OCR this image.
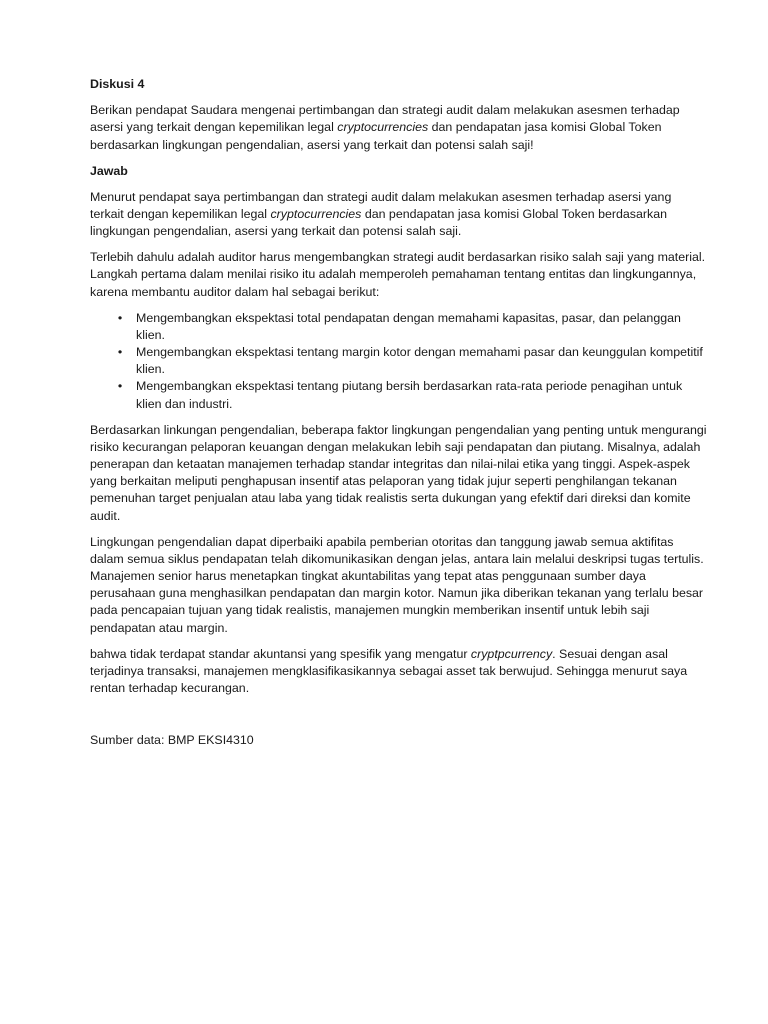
Diskusi 4

Berikan pendapat Saudara mengenai pertimbangan dan strategi audit dalam melakukan asesmen terhadap asersi yang terkait dengan kepemilikan legal cryptocurrencies dan pendapatan jasa komisi Global Token berdasarkan lingkungan pengendalian, asersi yang terkait dan potensi salah saji!

Jawab

Menurut pendapat saya pertimbangan dan strategi audit dalam melakukan asesmen terhadap asersi yang terkait dengan kepemilikan legal cryptocurrencies dan pendapatan jasa komisi Global Token berdasarkan lingkungan pengendalian, asersi yang terkait dan potensi salah saji.

Terlebih dahulu adalah auditor harus mengembangkan strategi audit berdasarkan risiko salah saji yang material. Langkah pertama dalam menilai risiko itu adalah memperoleh pemahaman tentang entitas dan lingkungannya, karena membantu auditor dalam hal sebagai berikut:

•	Mengembangkan ekspektasi total pendapatan dengan memahami kapasitas, pasar, dan pelanggan klien.
•	Mengembangkan ekspektasi tentang margin kotor dengan memahami pasar dan keunggulan kompetitif klien.
•	Mengembangkan ekspektasi tentang piutang bersih berdasarkan rata-rata periode penagihan untuk klien dan industri.

Berdasarkan linkungan pengendalian, beberapa faktor lingkungan pengendalian yang penting untuk mengurangi risiko kecurangan pelaporan keuangan dengan melakukan lebih saji pendapatan dan piutang. Misalnya, adalah penerapan dan ketaatan manajemen terhadap standar integritas dan nilai-nilai etika yang tinggi. Aspek-aspek yang berkaitan meliputi penghapusan insentif atas pelaporan yang tidak jujur seperti penghilangan tekanan pemenuhan target penjualan atau laba yang tidak realistis serta dukungan yang efektif dari direksi dan komite audit.

Lingkungan pengendalian dapat diperbaiki apabila pemberian otoritas dan tanggung jawab semua aktifitas dalam semua siklus pendapatan telah dikomunikasikan dengan jelas, antara lain melalui deskripsi tugas tertulis. Manajemen senior harus menetapkan tingkat akuntabilitas yang tepat atas penggunaan sumber daya perusahaan guna menghasilkan pendapatan dan margin kotor. Namun jika diberikan tekanan yang terlalu besar pada pencapaian tujuan yang tidak realistis, manajemen mungkin memberikan insentif untuk lebih saji pendapatan atau margin.

bahwa tidak terdapat standar akuntansi yang spesifik yang mengatur cryptpcurrency. Sesuai dengan asal terjadinya transaksi, manajemen mengklasifikasikannya sebagai asset tak berwujud. Sehingga menurut saya rentan terhadap kecurangan.

Sumber data: BMP EKSI4310
